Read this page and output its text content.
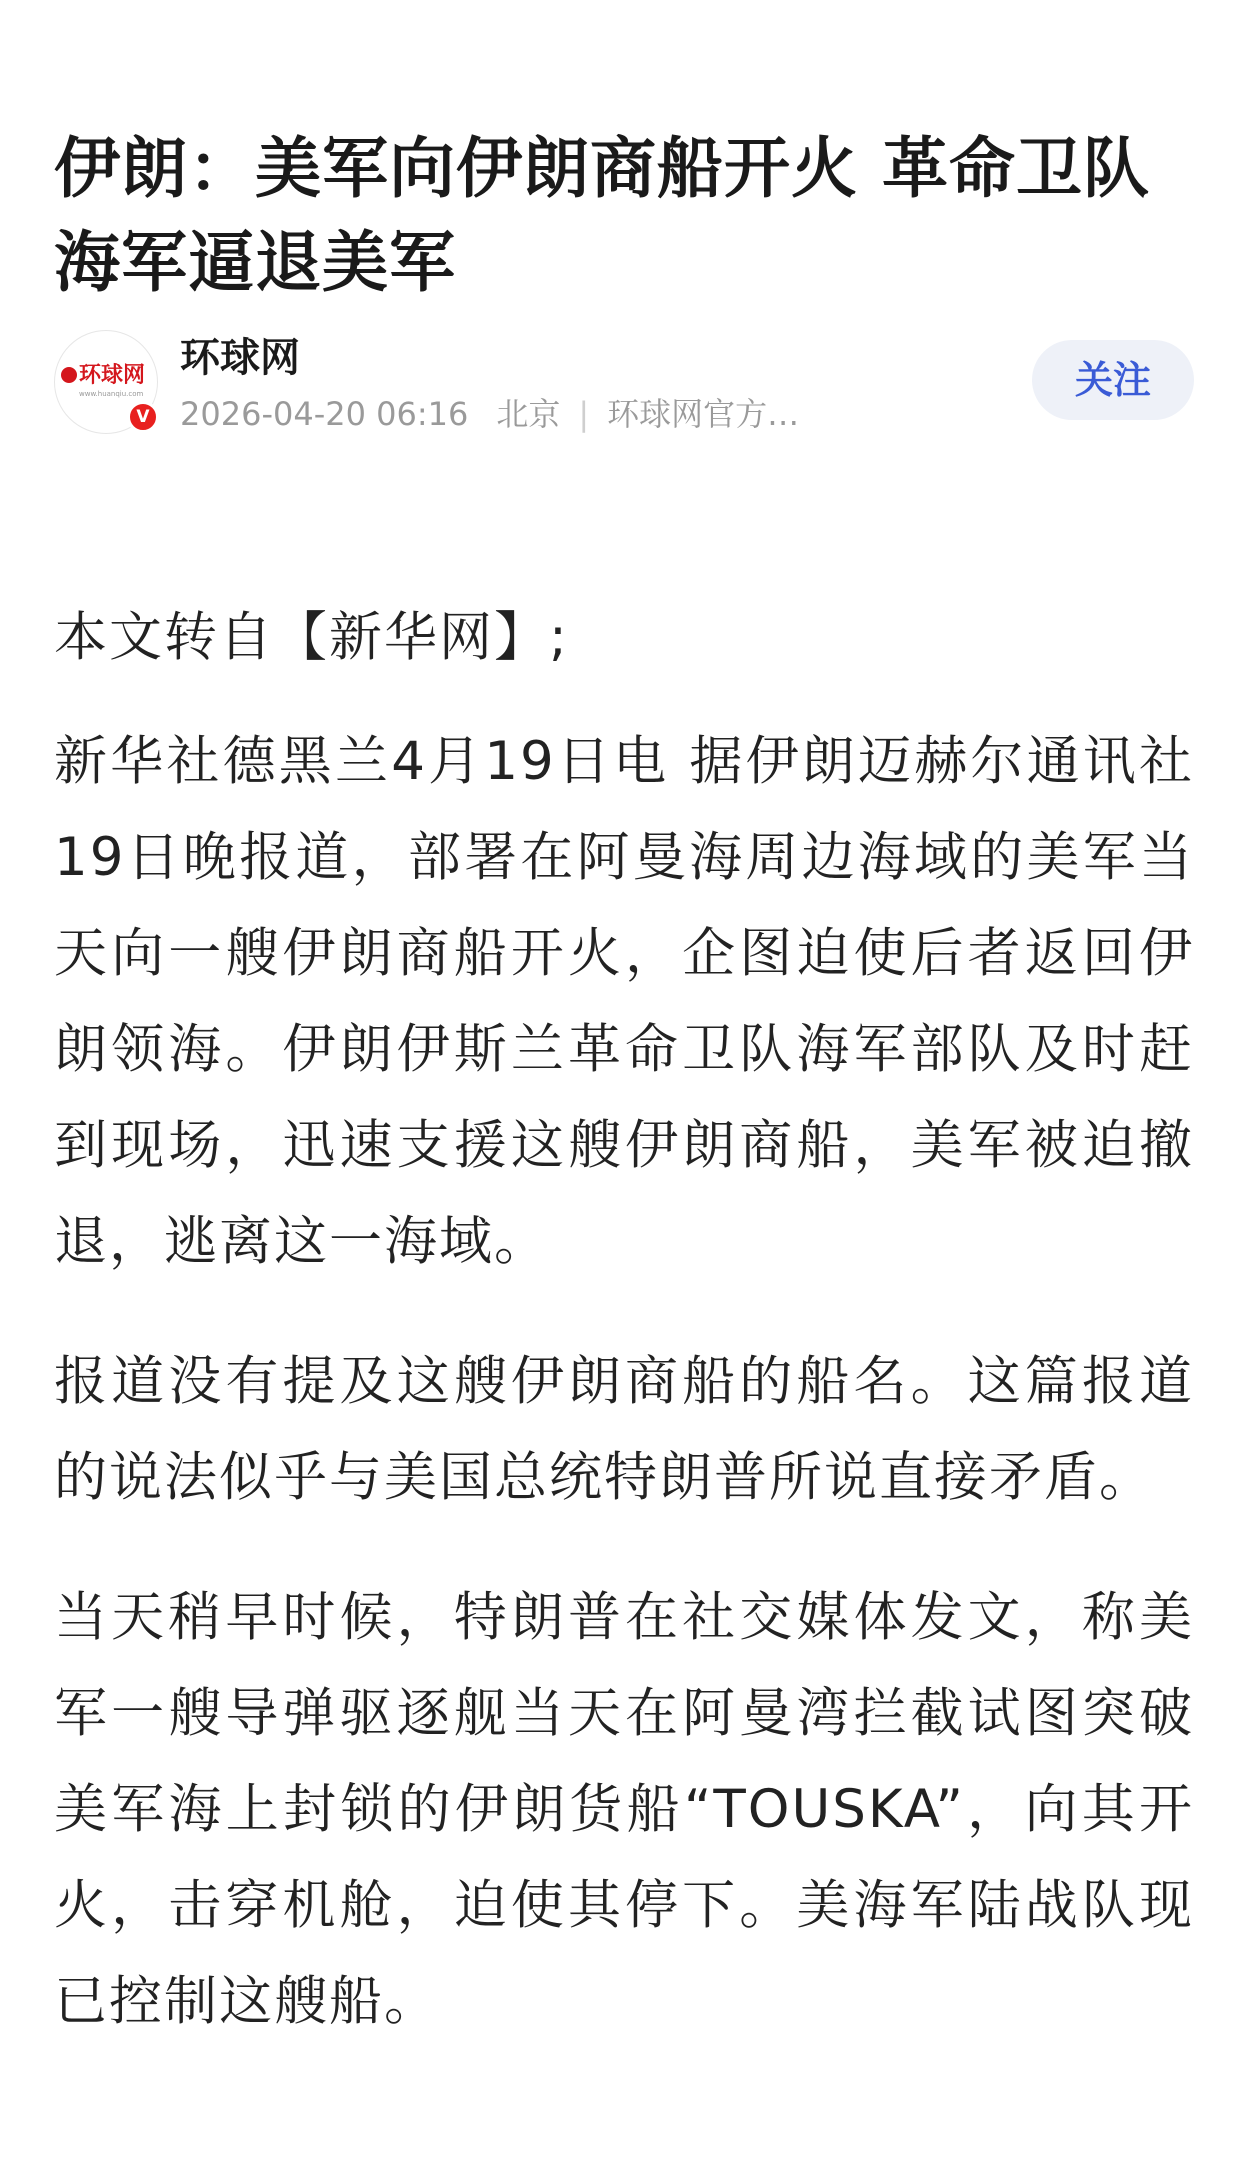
伊朗：美军向伊朗商船开火 革命卫队海军逼退美军
环球网
www.huanqiu.com
V
环球网
2026-04-20 06:16 北京 | 环球网官方…
关注

本文转自【新华网】;

新华社德黑兰4月19日电 据伊朗迈赫尔通讯社19日晚报道，部署在阿曼海周边海域的美军当天向一艘伊朗商船开火，企图迫使后者返回伊朗领海。伊朗伊斯兰革命卫队海军部队及时赶到现场，迅速支援这艘伊朗商船，美军被迫撤退，逃离这一海域。

报道没有提及这艘伊朗商船的船名。这篇报道的说法似乎与美国总统特朗普所说直接矛盾。

当天稍早时候，特朗普在社交媒体发文，称美军一艘导弹驱逐舰当天在阿曼湾拦截试图突破美军海上封锁的伊朗货船“TOUSKA”，向其开火，击穿机舱，迫使其停下。美海军陆战队现已控制这艘船。
